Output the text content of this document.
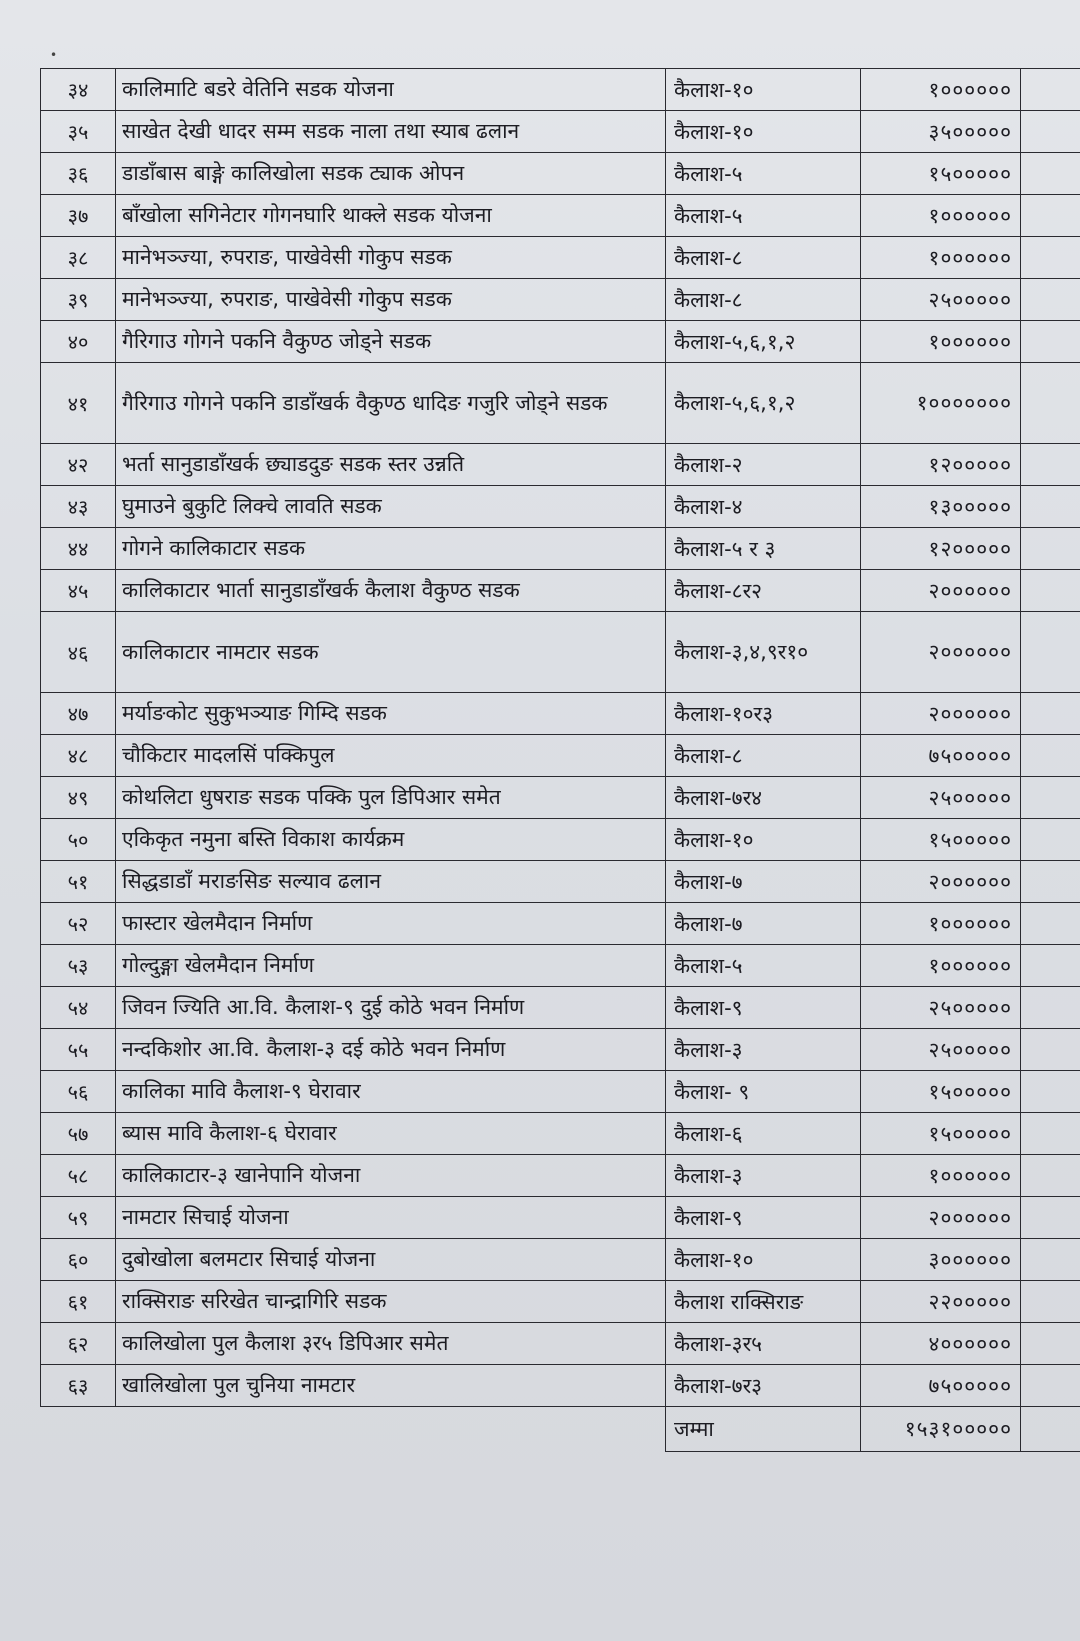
•
३४	कालिमाटि बडरे वेतिनि सडक योजना	कैलाश-१०	१००००००	
३५	साखेत देखी धादर सम्म सडक नाला तथा स्याब ढलान	कैलाश-१०	३५०००००	
३६	डाडाँबास बाङ्गे कालिखोला सडक ट्याक ओपन	कैलाश-५	१५०००००	
३७	बाँखोला सगिनेटार गोगनघारि थाक्ले सडक योजना	कैलाश-५	१००००००	
३८	मानेभञ्ज्या, रुपराङ, पाखेवेसी गोकुप सडक	कैलाश-८	१००००००	
३९	मानेभञ्ज्या, रुपराङ, पाखेवेसी गोकुप सडक	कैलाश-८	२५०००००	
४०	गैरिगाउ गोगने पकनि वैकुण्ठ जोड्ने सडक	कैलाश-५,६,१,२	१००००००	
४१	गैरिगाउ गोगने पकनि डाडाँखर्क वैकुण्ठ धादिङ गजुरि जोड्ने सडक	कैलाश-५,६,१,२	१०००००००	
४२	भर्ता सानुडाडाँखर्क छ्याडदुङ सडक स्तर उन्नति	कैलाश-२	१२०००००	
४३	घुमाउने बुकुटि लिक्चे लावति सडक	कैलाश-४	१३०००००	
४४	गोगने कालिकाटार सडक	कैलाश-५ र ३	१२०००००	
४५	कालिकाटार भार्ता सानुडाडाँखर्क कैलाश वैकुण्ठ सडक	कैलाश-८र२	२००००००	
४६	कालिकाटार नामटार सडक	कैलाश-३,४,९र१०	२००००००	
४७	मर्याङकोट सुकुभञ्याङ गिम्दि सडक	कैलाश-१०र३	२००००००	
४८	चौकिटार मादलसिं पक्किपुल	कैलाश-८	७५०००००	
४९	कोथलिटा धुषराङ सडक पक्कि पुल डिपिआर समेत	कैलाश-७र४	२५०००००	
५०	एकिकृत नमुना बस्ति विकाश कार्यक्रम	कैलाश-१०	१५०००००	
५१	सिद्धडाडाँ मराङसिङ सल्याव ढलान	कैलाश-७	२००००००	
५२	फास्टार खेलमैदान निर्माण	कैलाश-७	१००००००	
५३	गोल्दुङ्गा खेलमैदान निर्माण	कैलाश-५	१००००००	
५४	जिवन ज्यिति आ.वि. कैलाश-९ दुई कोठे भवन निर्माण	कैलाश-९	२५०००००	
५५	नन्दकिशोर आ.वि. कैलाश-३ दई कोठे भवन निर्माण	कैलाश-३	२५०००००	
५६	कालिका मावि कैलाश-९ घेरावार	कैलाश- ९	१५०००००	
५७	ब्यास मावि कैलाश-६ घेरावार	कैलाश-६	१५०००००	
५८	कालिकाटार-३ खानेपानि योजना	कैलाश-३	१००००००	
५९	नामटार सिचाई योजना	कैलाश-९	२००००००	
६०	दुबोखोला बलमटार सिचाई योजना	कैलाश-१०	३००००००	
६१	राक्सिराङ सरिखेत चान्द्रागिरि सडक	कैलाश राक्सिराङ	२२०००००	
६२	कालिखोला पुल कैलाश ३र५ डिपिआर समेत	कैलाश-३र५	४००००००	
६३	खालिखोला पुल चुनिया नामटार	कैलाश-७र३	७५०००००	
		जम्मा	१५३१०००००	
